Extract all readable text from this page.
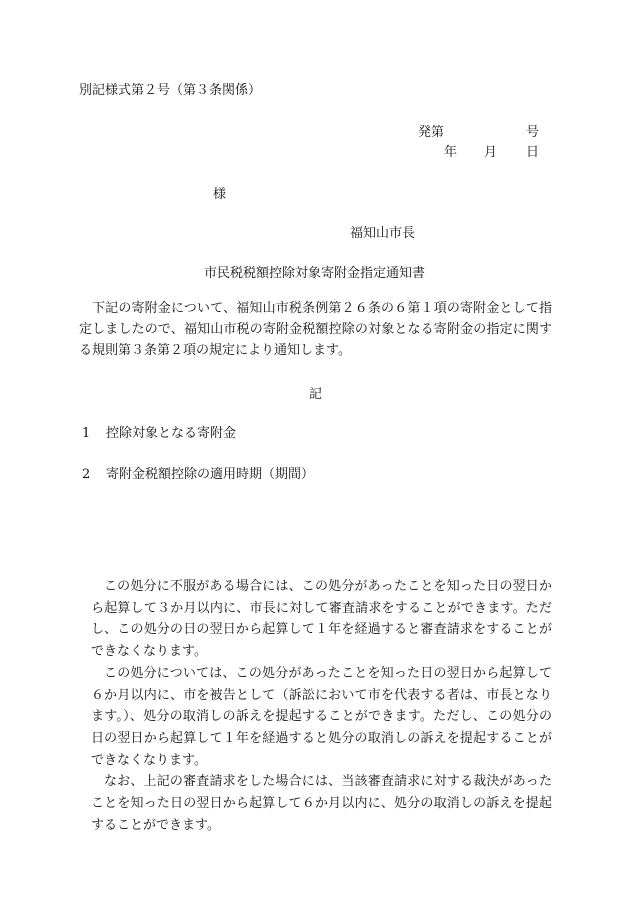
別記様式第２号（第３条関係）
発第	号
年 月 日
様
福知山市長
市民税税額控除対象寄附金指定通知書

下記の寄附金について、福知山市税条例第２６条の６第１項の寄附金として指定しましたので、福知山市税の寄附金税額控除の対象となる寄附金の指定に関する規則第３条第２項の規定により通知します。

記
1 控除対象となる寄附金
2 寄附金税額控除の適用時期（期間）

この処分に不服がある場合には、この処分があったことを知った日の翌日から起算して３か月以内に、市長に対して審査請求をすることができます。ただし、この処分の日の翌日から起算して１年を経過すると審査請求をすることができなくなります。

この処分については、この処分があったことを知った日の翌日から起算して６か月以内に、市を被告として（訴訟において市を代表する者は、市長となります。）、処分の取消しの訴えを提起することができます。ただし、この処分の日の翌日から起算して１年を経過すると処分の取消しの訴えを提起することができなくなります。

なお、上記の審査請求をした場合には、当該審査請求に対する裁決があったことを知った日の翌日から起算して６か月以内に、処分の取消しの訴えを提起することができます。
